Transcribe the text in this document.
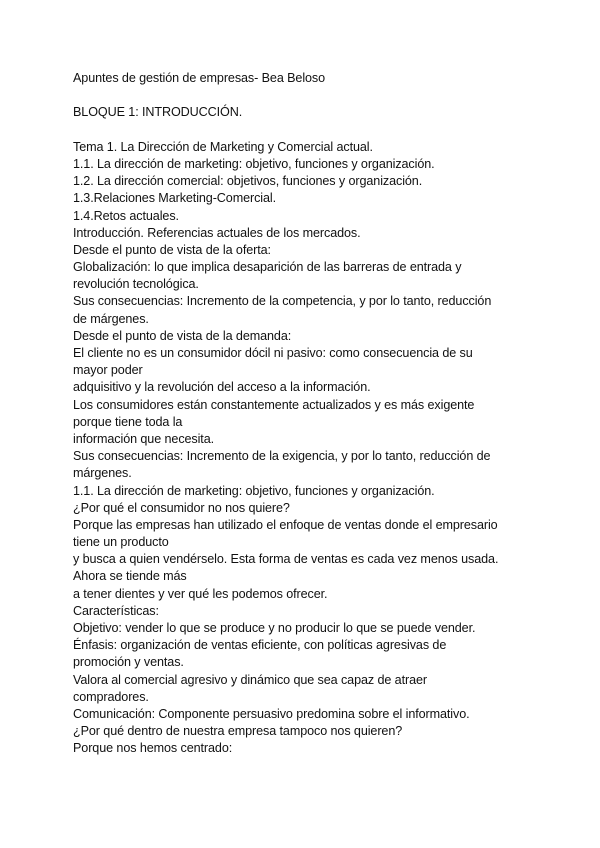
Apuntes de gestión de empresas- Bea Beloso
BLOQUE 1: INTRODUCCIÓN.
Tema 1. La Dirección de Marketing y Comercial actual.
1.1. La dirección de marketing: objetivo, funciones y organización.
1.2. La dirección comercial: objetivos, funciones y organización.
1.3.Relaciones Marketing-Comercial.
1.4.Retos actuales.
Introducción. Referencias actuales de los mercados.
Desde el punto de vista de la oferta:
Globalización: lo que implica desaparición de las barreras de entrada y
revolución tecnológica.
Sus consecuencias: Incremento de la competencia, y por lo tanto, reducción
de márgenes.
Desde el punto de vista de la demanda:
El cliente no es un consumidor dócil ni pasivo: como consecuencia de su
mayor poder
adquisitivo y la revolución del acceso a la información.
Los consumidores están constantemente actualizados y es más exigente
porque tiene toda la
información que necesita.
Sus consecuencias: Incremento de la exigencia, y por lo tanto, reducción de
márgenes.
1.1. La dirección de marketing: objetivo, funciones y organización.
¿Por qué el consumidor no nos quiere?
Porque las empresas han utilizado el enfoque de ventas donde el empresario
tiene un producto
y busca a quien vendérselo. Esta forma de ventas es cada vez menos usada.
Ahora se tiende más
a tener dientes y ver qué les podemos ofrecer.
Características:
Objetivo: vender lo que se produce y no producir lo que se puede vender.
Énfasis: organización de ventas eficiente, con políticas agresivas de
promoción y ventas.
Valora al comercial agresivo y dinámico que sea capaz de atraer
compradores.
Comunicación: Componente persuasivo predomina sobre el informativo.
¿Por qué dentro de nuestra empresa tampoco nos quieren?
Porque nos hemos centrado:
